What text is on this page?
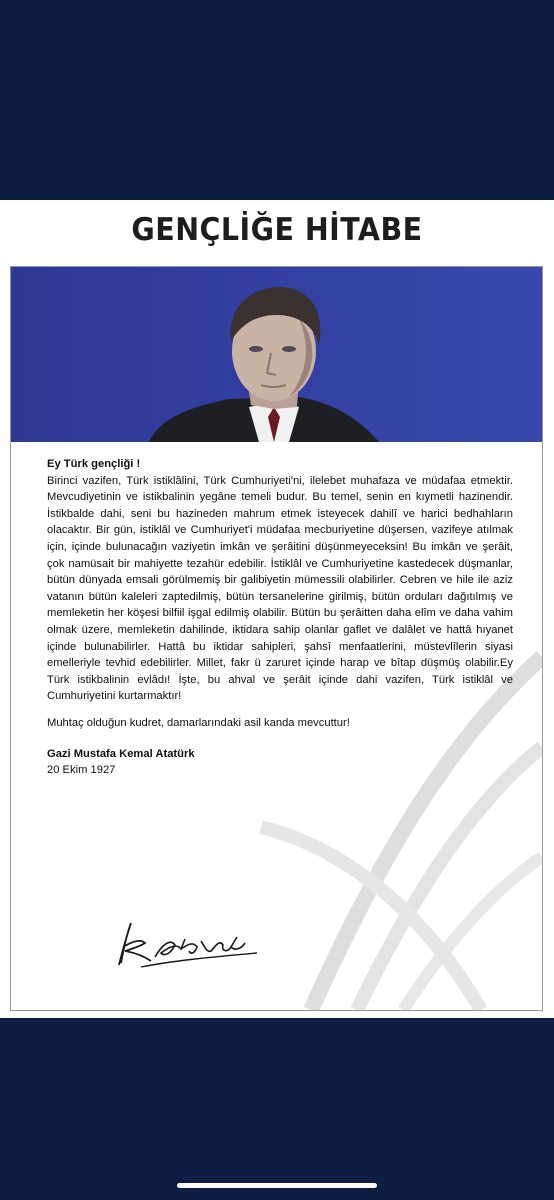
GENÇLİĞE HİTABE

Ey Türk gençliği !

Birinci vazifen, Türk istiklâlini, Türk Cumhuriyeti'ni, ilelebet muhafaza ve müdafaa etmektir. Mevcudiyetinin ve istikbalinin yegâne temeli budur. Bu temel, senin en kıymetli hazinendir. İstikbalde dahi, seni bu hazineden mahrum etmek isteyecek dahilî ve harici bedhahların olacaktır. Bir gün, istiklâl ve Cumhuriyet'i müdafaa mecburiyetine düşersen, vazifeye atılmak için, içinde bulunacağın vaziyetin imkân ve şerâitini düşünmeyeceksin! Bu imkân ve şerâit, çok namüsait bir mahiyette tezahür edebilir. İstiklâl ve Cumhuriyetine kastedecek düşmanlar, bütün dünyada emsali görülmemiş bir galibiyetin mümessili olabilirler. Cebren ve hile ile aziz vatanın bütün kaleleri zaptedilmiş, bütün tersanelerine girilmiş, bütün orduları dağıtılmış ve memleketin her köşesi bilfiil işgal edilmiş olabilir. Bütün bu şerâitten daha elîm ve daha vahim olmak üzere, memleketin dahilinde, iktidara sahip olanlar gaflet ve dalâlet ve hattâ hıyanet içinde bulunabilirler. Hattâ bu iktidar sahipleri, şahsî menfaatlerini, müstevlîlerin siyasi emelleriyle tevhid edebilirler. Millet, fakr ü zaruret içinde harap ve bîtap düşmüş olabilir.Ey Türk istikbalinin evlâdı! İşte, bu ahval ve şerâit içinde dahi vazifen, Türk istiklâl ve Cumhuriyetini kurtarmaktır!

Muhtaç olduğun kudret, damarlarındaki asil kanda mevcuttur!

Gazi Mustafa Kemal Atatürk

20 Ekim 1927
